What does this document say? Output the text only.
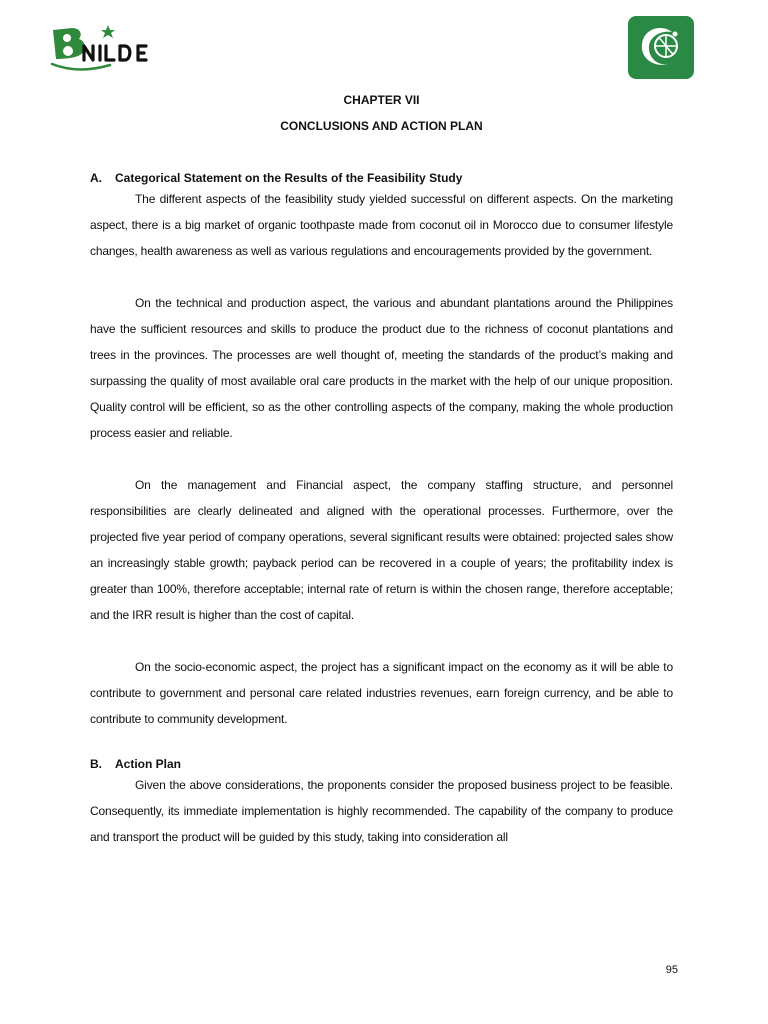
CHAPTER VII
CONCLUSIONS AND ACTION PLAN
A.	Categorical Statement on the Results of the Feasibility Study

The different aspects of the feasibility study yielded successful on different aspects. On the marketing aspect, there is a big market of organic toothpaste made from coconut oil in Morocco due to consumer lifestyle changes, health awareness as well as various regulations and encouragements provided by the government.

On the technical and production aspect, the various and abundant plantations around the Philippines have the sufficient resources and skills to produce the product due to the richness of coconut plantations and trees in the provinces. The processes are well thought of, meeting the standards of the product’s making and surpassing the quality of most available oral care products in the market with the help of our unique proposition. Quality control will be efficient, so as the other controlling aspects of the company, making the whole production process easier and reliable.

On the management and Financial aspect, the company staffing structure, and personnel responsibilities are clearly delineated and aligned with the operational processes. Furthermore, over the projected five year period of company operations, several significant results were obtained: projected sales show an increasingly stable growth; payback period can be recovered in a couple of years; the profitability index is greater than 100%, therefore acceptable; internal rate of return is within the chosen range, therefore acceptable; and the IRR result is higher than the cost of capital.

On the socio-economic aspect, the project has a significant impact on the economy as it will be able to contribute to government and personal care related industries revenues, earn foreign currency, and be able to contribute to community development.

B.	Action Plan

Given the above considerations, the proponents consider the proposed business project to be feasible. Consequently, its immediate implementation is highly recommended. The capability of the company to produce and transport the product will be guided by this study, taking into consideration all

95
